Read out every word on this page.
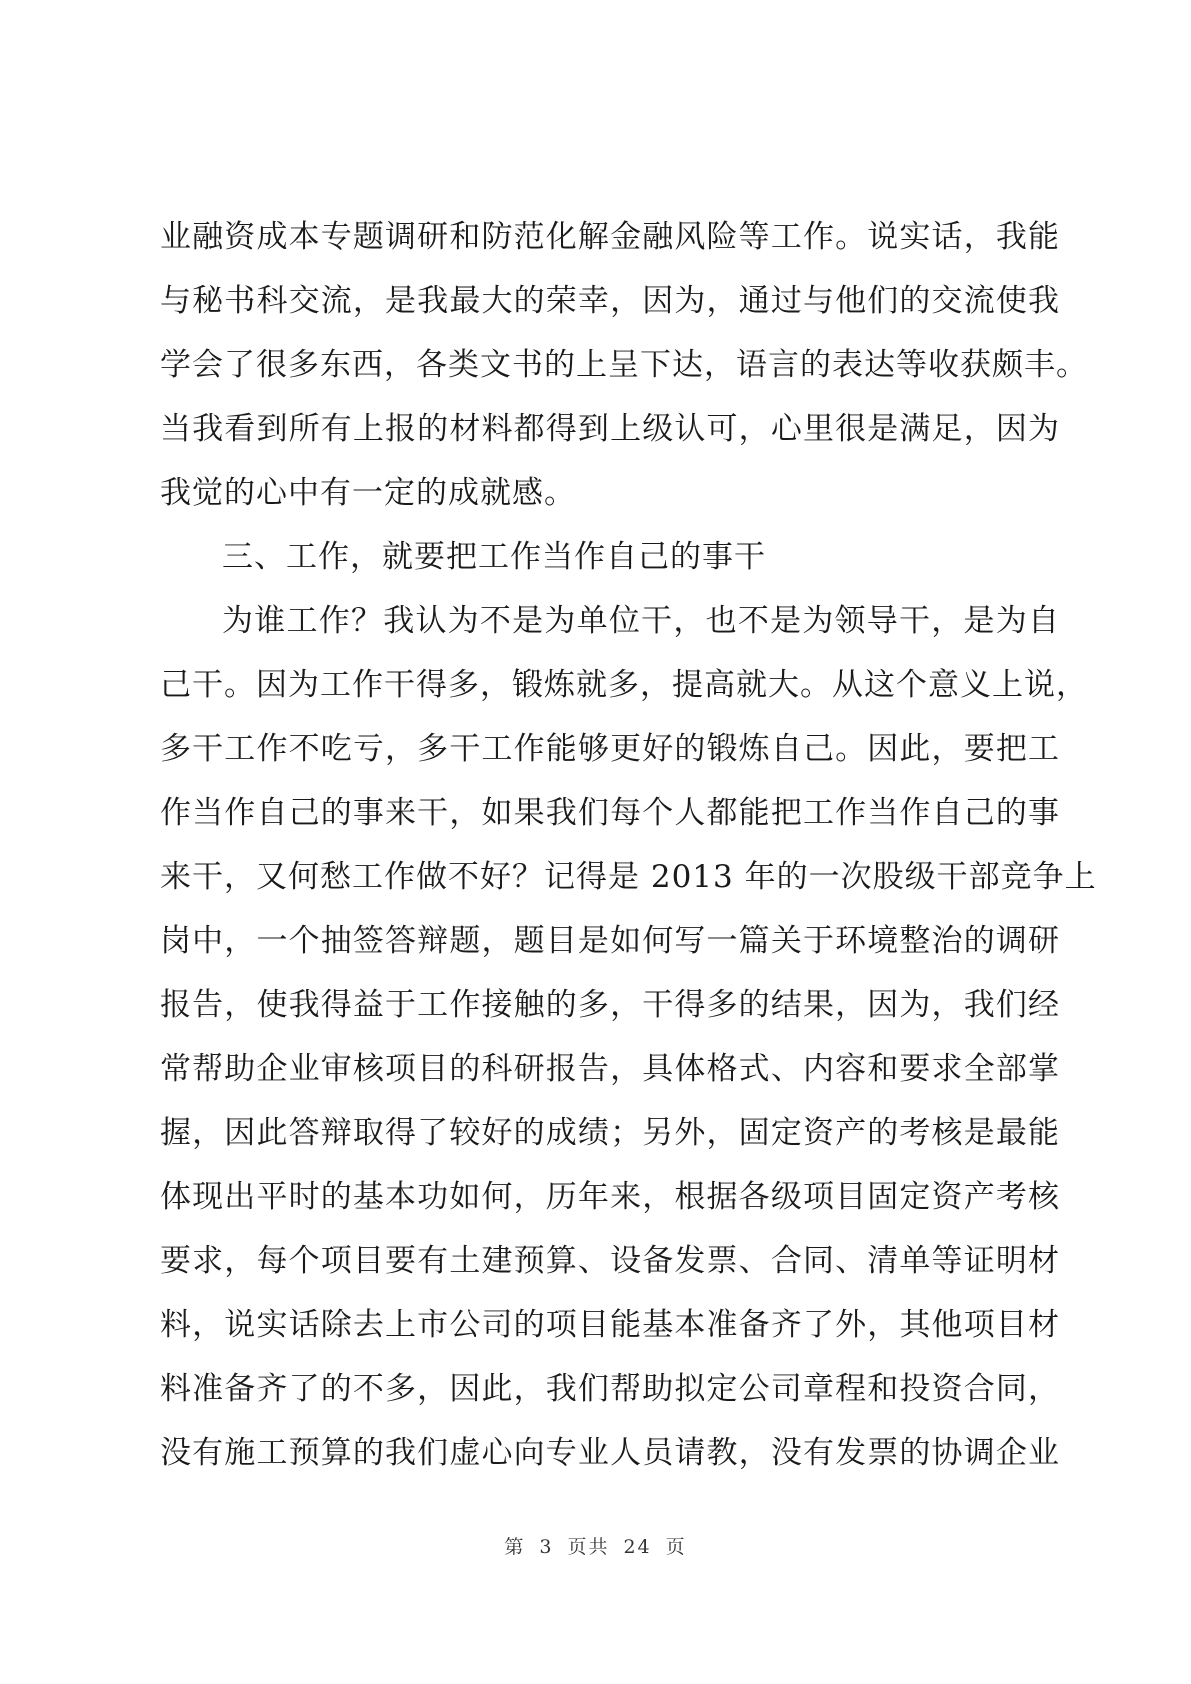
业融资成本专题调研和防范化解金融风险等工作。说实话，我能
与秘书科交流，是我最大的荣幸，因为，通过与他们的交流使我
学会了很多东西，各类文书的上呈下达，语言的表达等收获颇丰。
当我看到所有上报的材料都得到上级认可，心里很是满足，因为
我觉的心中有一定的成就感。
三、工作，就要把工作当作自己的事干
为谁工作？我认为不是为单位干，也不是为领导干，是为自
己干。因为工作干得多，锻炼就多，提高就大。从这个意义上说，
多干工作不吃亏，多干工作能够更好的锻炼自己。因此，要把工
作当作自己的事来干，如果我们每个人都能把工作当作自己的事
来干，又何愁工作做不好？记得是 2013 年的一次股级干部竞争上
岗中，一个抽签答辩题，题目是如何写一篇关于环境整治的调研
报告，使我得益于工作接触的多，干得多的结果，因为，我们经
常帮助企业审核项目的科研报告，具体格式、内容和要求全部掌
握，因此答辩取得了较好的成绩；另外，固定资产的考核是最能
体现出平时的基本功如何，历年来，根据各级项目固定资产考核
要求，每个项目要有土建预算、设备发票、合同、清单等证明材
料，说实话除去上市公司的项目能基本准备齐了外，其他项目材
料准备齐了的不多，因此，我们帮助拟定公司章程和投资合同，
没有施工预算的我们虚心向专业人员请教，没有发票的协调企业
第 3 页共 24 页
